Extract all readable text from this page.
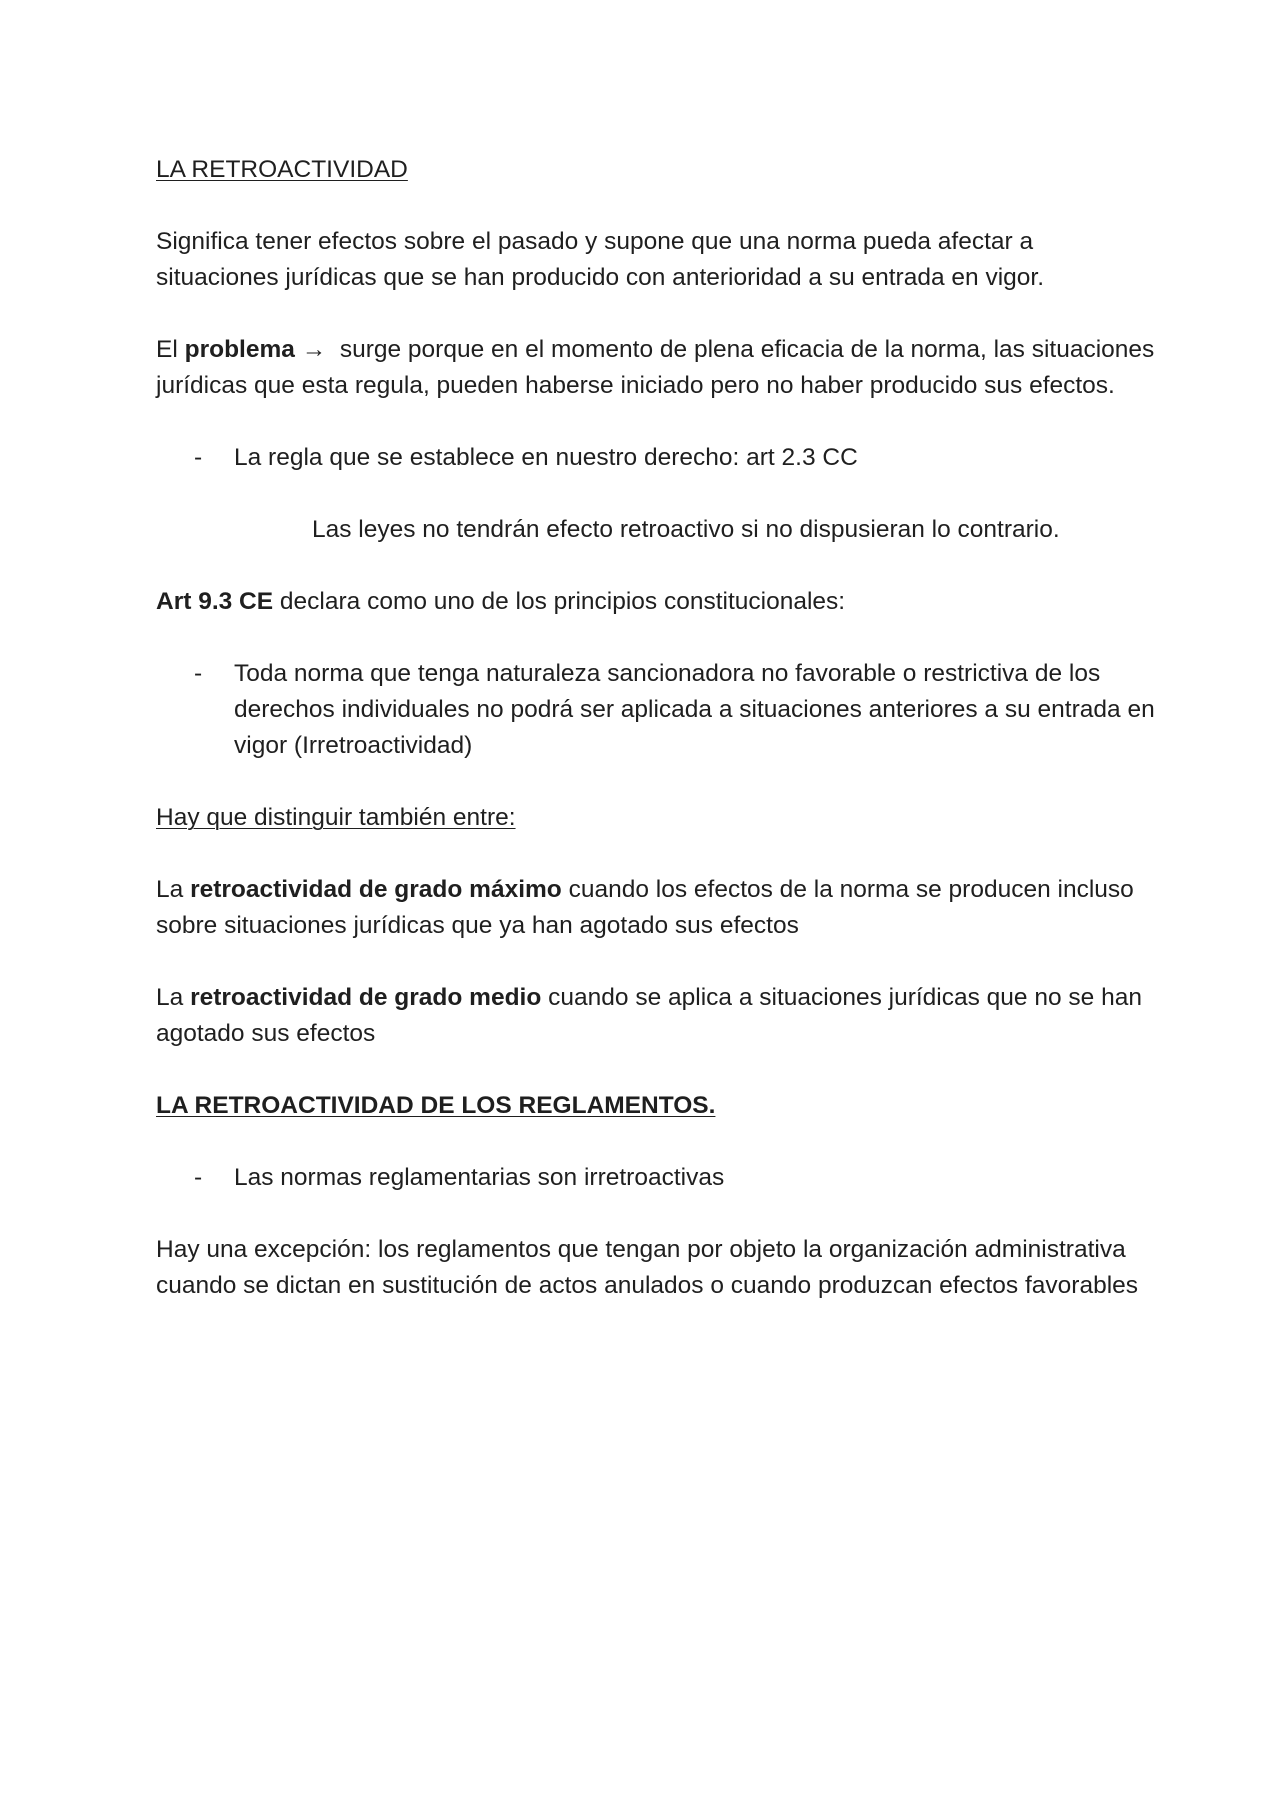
LA RETROACTIVIDAD

Significa tener efectos sobre el pasado y supone que una norma pueda afectar a situaciones jurídicas que se han producido con anterioridad a su entrada en vigor.

El problema → surge porque en el momento de plena eficacia de la norma, las situaciones jurídicas que esta regula, pueden haberse iniciado pero no haber producido sus efectos.

- La regla que se establece en nuestro derecho: art 2.3 CC

Las leyes no tendrán efecto retroactivo si no dispusieran lo contrario.

Art 9.3 CE declara como uno de los principios constitucionales:

- Toda norma que tenga naturaleza sancionadora no favorable o restrictiva de los derechos individuales no podrá ser aplicada a situaciones anteriores a su entrada en vigor (Irretroactividad)

Hay que distinguir también entre:

La retroactividad de grado máximo cuando los efectos de la norma se producen incluso sobre situaciones jurídicas que ya han agotado sus efectos

La retroactividad de grado medio cuando se aplica a situaciones jurídicas que no se han agotado sus efectos

LA RETROACTIVIDAD DE LOS REGLAMENTOS.

- Las normas reglamentarias son irretroactivas

Hay una excepción: los reglamentos que tengan por objeto la organización administrativa cuando se dictan en sustitución de actos anulados o cuando produzcan efectos favorables
